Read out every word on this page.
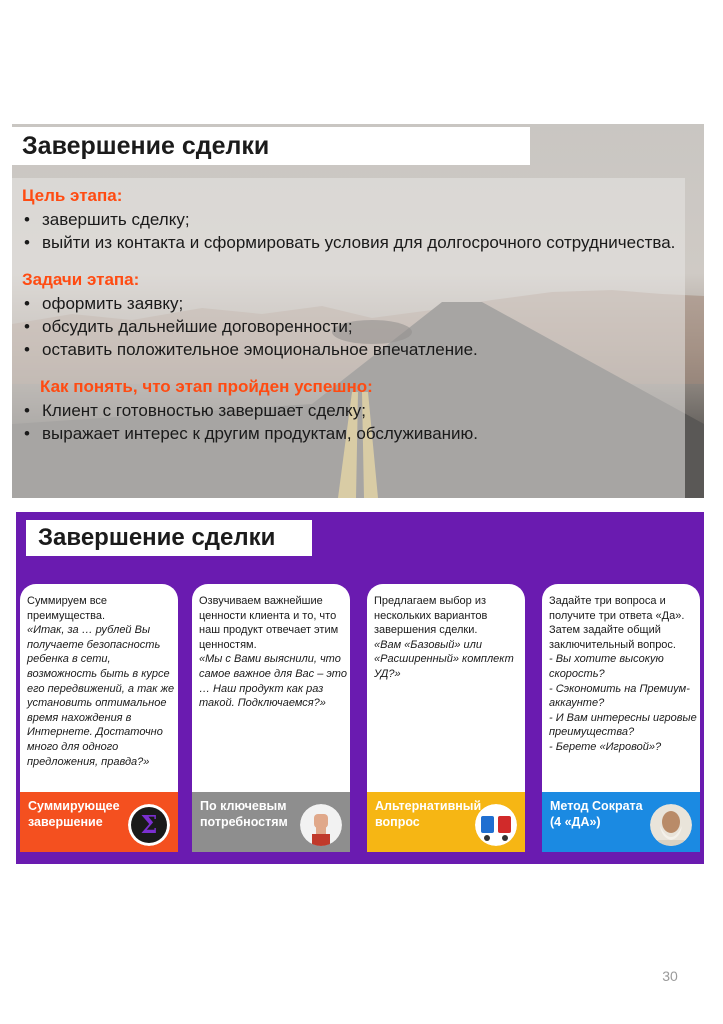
Завершение сделки

Цель этапа:

• завершить сделку;
• выйти из контакта и сформировать условия для долгосрочного сотрудничества.

Задачи этапа:

• оформить заявку;
• обсудить дальнейшие договоренности;
• оставить положительное эмоциональное впечатление.

Как понять, что этап пройден успешно:

• Клиент с готовностью завершает сделку;
• выражает интерес к другим продуктам, обслуживанию.
Завершение сделки
Суммируем все преимущества.
«Итак, за … рублей Вы получаете безопасность ребенка в сети, возможность быть в курсе его передвижений, а так же установить оптимальное время нахождения в Интернете. Достаточно много для одного предложения, правда?»
Суммирующее
завершение	Σ
Озвучиваем важнейшие ценности клиента и то, что наш продукт отвечает этим ценностям.
«Мы с Вами выяснили, что самое важное для Вас – это … Наш продукт как раз такой. Подключаемся?»
По ключевым
потребностям
Предлагаем выбор из нескольких вариантов завершения сделки.
«Вам «Базовый» или «Расширенный» комплект УД?»
Альтернативный
вопрос
Задайте три вопроса и получите три ответа «Да». Затем задайте общий заключительный вопрос.
- Вы хотите высокую скорость?
- Сэкономить на Премиум-аккаунте?
- И Вам интересны игровые преимущества?
- Берете «Игровой»?
Метод Сократа
(4 «ДА»)
30
